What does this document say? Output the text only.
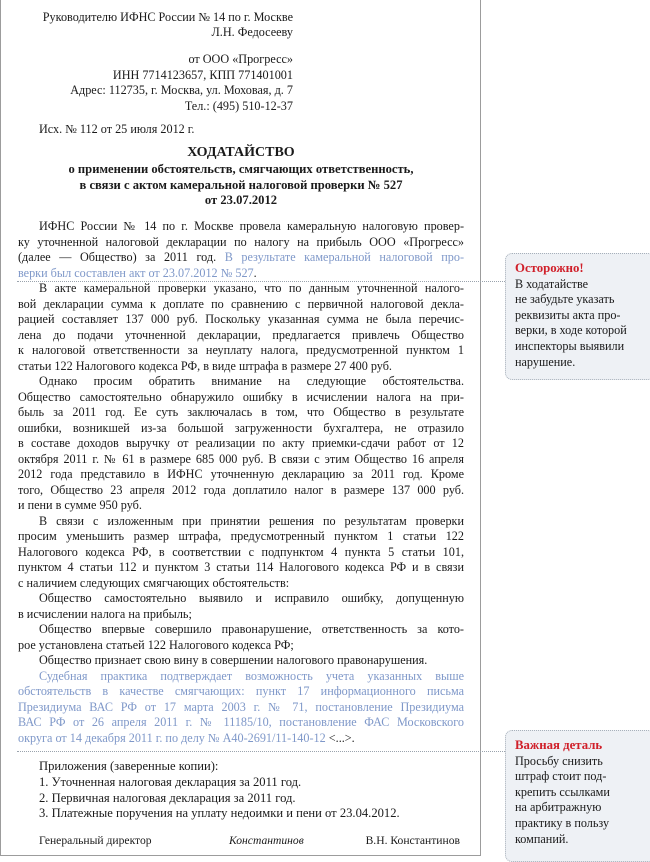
Руководителю ИФНС России № 14 по г. Москве
Л.Н. Федосееву
от ООО «Прогресс»
ИНН 7714123657, КПП 771401001
Адрес: 112735, г. Москва, ул. Моховая, д. 7
Тел.: (495) 510-12-37
Исх. № 112 от 25 июля 2012 г.
ХОДАТАЙСТВО
о применении обстоятельств, смягчающих ответственность,
в связи с актом камеральной налоговой проверки № 527
от 23.07.2012
ИФНС России № 14 по г. Москве провела камеральную налоговую провер-
ку уточненной налоговой декларации по налогу на прибыль ООО «Прогресс»
(далее — Общество) за 2011 год. В результате камеральной налоговой про-
верки был составлен акт от 23.07.2012 № 527.
В акте камеральной проверки указано, что по данным уточненной налого-
вой декларации сумма к доплате по сравнению с первичной налоговой декла-
рацией составляет 137 000 руб. Поскольку указанная сумма не была перечис-
лена до подачи уточненной декларации, предлагается привлечь Общество
к налоговой ответственности за неуплату налога, предусмотренной пунктом 1
статьи 122 Налогового кодекса РФ, в виде штрафа в размере 27 400 руб.
Однако просим обратить внимание на следующие обстоятельства.
Общество самостоятельно обнаружило ошибку в исчислении налога на при-
быль за 2011 год. Ее суть заключалась в том, что Общество в результате
ошибки, возникшей из-за большой загруженности бухгалтера, не отразило
в составе доходов выручку от реализации по акту приемки-сдачи работ от 12
октября 2011 г. № 61 в размере 685 000 руб. В связи с этим Общество 16 апреля
2012 года представило в ИФНС уточненную декларацию за 2011 год. Кроме
того, Общество 23 апреля 2012 года доплатило налог в размере 137 000 руб.
и пени в сумме 950 руб.
В связи с изложенным при принятии решения по результатам проверки
просим уменьшить размер штрафа, предусмотренный пунктом 1 статьи 122
Налогового кодекса РФ, в соответствии с подпунктом 4 пункта 5 статьи 101,
пунктом 4 статьи 112 и пунктом 3 статьи 114 Налогового кодекса РФ и в связи
с наличием следующих смягчающих обстоятельств:
Общество самостоятельно выявило и исправило ошибку, допущенную
в исчислении налога на прибыль;
Общество впервые совершило правонарушение, ответственность за кото-
рое установлена статьей 122 Налогового кодекса РФ;
Общество признает свою вину в совершении налогового правонарушения.
Судебная практика подтверждает возможность учета указанных выше
обстоятельств в качестве смягчающих: пункт 17 информационного письма
Президиума ВАС РФ от 17 марта 2003 г. № 71, постановление Президиума
ВАС РФ от 26 апреля 2011 г. № 11185/10, постановление ФАС Московского
округа от 14 декабря 2011 г. по делу № А40-2691/11-140-12 <...>.
Приложения (заверенные копии):
1. Уточненная налоговая декларация за 2011 год.
2. Первичная налоговая декларация за 2011 год.
3. Платежные поручения на уплату недоимки и пени от 23.04.2012.
Генеральный директор	Константинов	В.Н. Константинов
Осторожно!
В ходатайстве
не забудьте указать
реквизиты акта про-
верки, в ходе которой
инспекторы выявили
нарушение.
Важная деталь
Просьбу снизить
штраф стоит под-
крепить ссылками
на арбитражную
практику в пользу
компаний.
